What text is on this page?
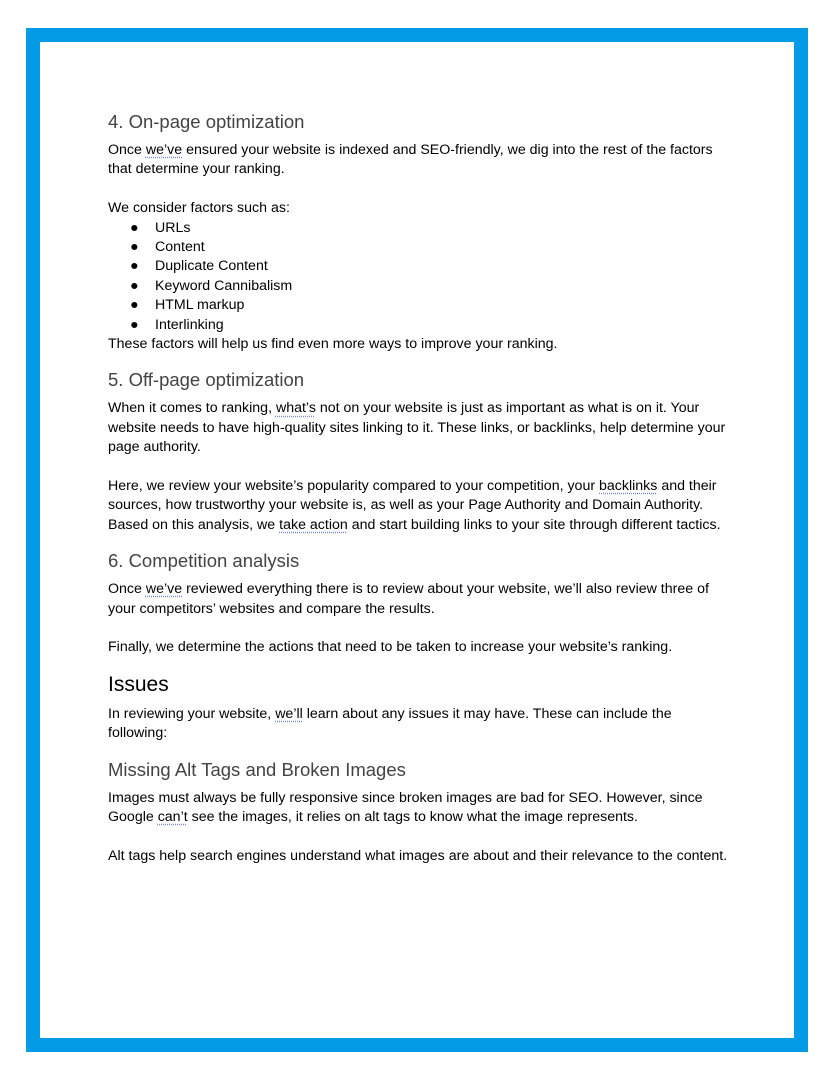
4. On-page optimization

Once we’ve ensured your website is indexed and SEO-friendly, we dig into the rest of the factors that determine your ranking.

We consider factors such as:

● URLs
● Content
● Duplicate Content
● Keyword Cannibalism
● HTML markup
● Interlinking

These factors will help us find even more ways to improve your ranking.

5. Off-page optimization

When it comes to ranking, what’s not on your website is just as important as what is on it. Your website needs to have high-quality sites linking to it. These links, or backlinks, help determine your page authority.

Here, we review your website’s popularity compared to your competition, your backlinks and their sources, how trustworthy your website is, as well as your Page Authority and Domain Authority. Based on this analysis, we take action and start building links to your site through different tactics.

6. Competition analysis

Once we’ve reviewed everything there is to review about your website, we’ll also review three of your competitors’ websites and compare the results.

Finally, we determine the actions that need to be taken to increase your website’s ranking.

Issues

In reviewing your website, we’ll learn about any issues it may have. These can include the following:

Missing Alt Tags and Broken Images

Images must always be fully responsive since broken images are bad for SEO. However, since Google can’t see the images, it relies on alt tags to know what the image represents.

Alt tags help search engines understand what images are about and their relevance to the content.
